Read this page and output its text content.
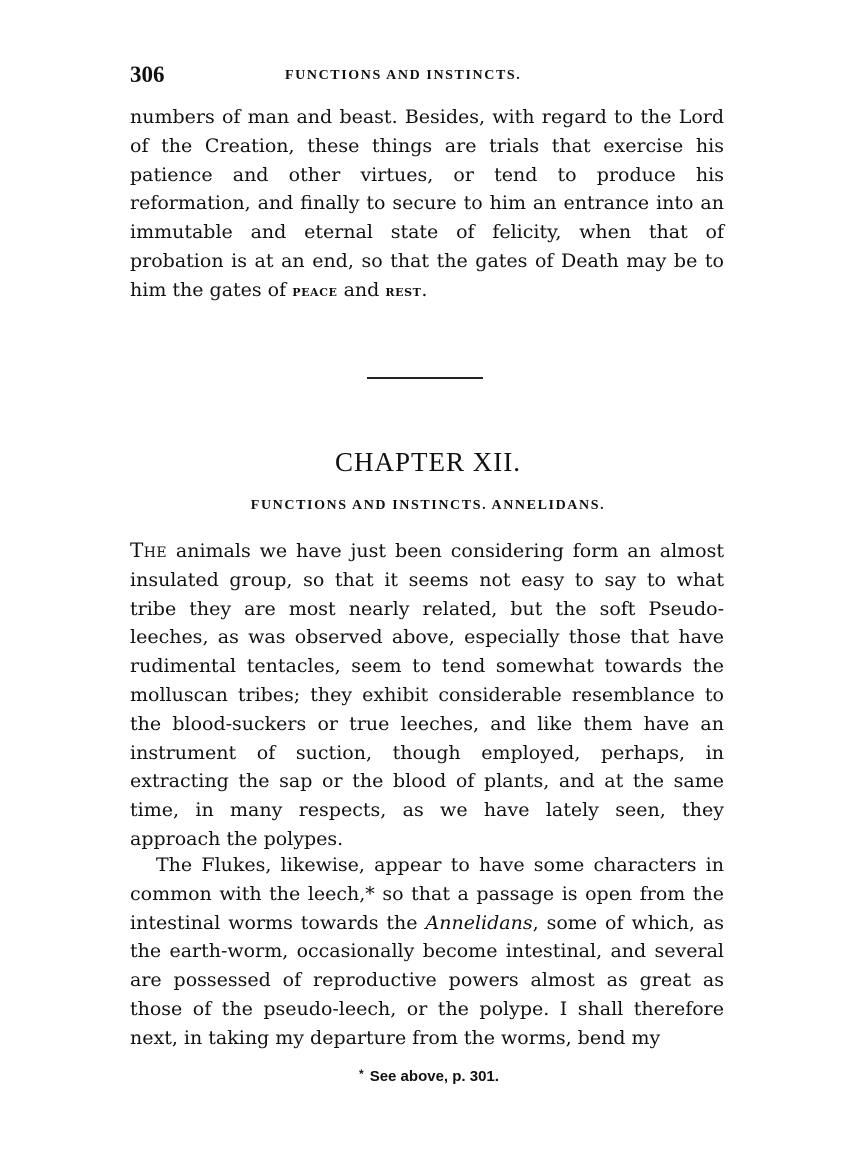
306	FUNCTIONS AND INSTINCTS.

numbers of man and beast. Besides, with regard to the Lord of the Creation, these things are trials that exercise his patience and other virtues, or tend to produce his reformation, and finally to secure to him an entrance into an immutable and eternal state of felicity, when that of probation is at an end, so that the gates of Death may be to him the gates of peace and rest.

CHAPTER XII.
FUNCTIONS AND INSTINCTS. ANNELIDANS.

The animals we have just been considering form an almost insulated group, so that it seems not easy to say to what tribe they are most nearly related, but the soft Pseudo-leeches, as was observed above, especially those that have rudimental tentacles, seem to tend somewhat towards the molluscan tribes; they exhibit considerable resemblance to the blood-suckers or true leeches, and like them have an instrument of suction, though employed, perhaps, in extracting the sap or the blood of plants, and at the same time, in many respects, as we have lately seen, they approach the polypes.

The Flukes, likewise, appear to have some characters in common with the leech,* so that a passage is open from the intestinal worms towards the Annelidans, some of which, as the earth-worm, occasionally become intestinal, and several are possessed of reproductive powers almost as great as those of the pseudo-leech, or the polype. I shall therefore next, in taking my departure from the worms, bend my

* See above, p. 301.
